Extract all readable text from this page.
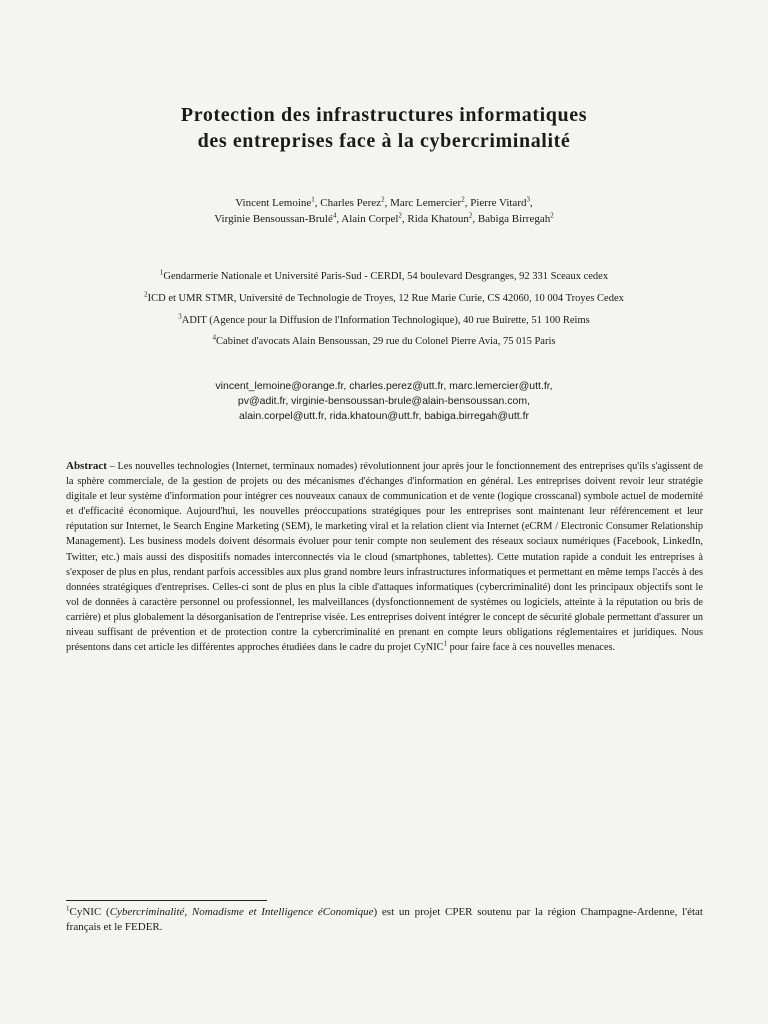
Protection des infrastructures informatiques
des entreprises face à la cybercriminalité
Vincent Lemoine$^1$, Charles Perez$^2$, Marc Lemercier$^2$, Pierre Vitard$^3$,
Virginie Bensoussan-Brulé$^4$, Alain Corpel$^2$, Rida Khatoun$^2$, Babiga Birregah$^2$
$^1$Gendarmerie Nationale et Université Paris-Sud - CERDI, 54 boulevard Desgranges, 92 331 Sceaux cedex
$^2$ICD et UMR STMR, Université de Technologie de Troyes, 12 Rue Marie Curie, CS 42060, 10 004 Troyes Cedex
$^3$ADIT (Agence pour la Diffusion de l'Information Technologique), 40 rue Buirette, 51 100 Reims
$^4$Cabinet d'avocats Alain Bensoussan, 29 rue du Colonel Pierre Avia, 75 015 Paris
vincent_lemoine@orange.fr, charles.perez@utt.fr, marc.lemercier@utt.fr,
pv@adit.fr, virginie-bensoussan-brule@alain-bensoussan.com,
alain.corpel@utt.fr, rida.khatoun@utt.fr, babiga.birregah@utt.fr
Abstract – Les nouvelles technologies (Internet, terminaux nomades) révolutionnent jour après jour le fonctionnement des entreprises qu'ils s'agissent de la sphère commerciale, de la gestion de projets ou des mécanismes d'échanges d'information en général. Les entreprises doivent revoir leur stratégie digitale et leur système d'information pour intégrer ces nouveaux canaux de communication et de vente (logique crosscanal) symbole actuel de modernité et d'efficacité économique. Aujourd'hui, les nouvelles préoccupations stratégiques pour les entreprises sont maintenant leur référencement et leur réputation sur Internet, le Search Engine Marketing (SEM), le marketing viral et la relation client via Internet (eCRM / Electronic Consumer Relationship Management). Les business models doivent désormais évoluer pour tenir compte non seulement des réseaux sociaux numériques (Facebook, LinkedIn, Twitter, etc.) mais aussi des dispositifs nomades interconnectés via le cloud (smartphones, tablettes). Cette mutation rapide a conduit les entreprises à s'exposer de plus en plus, rendant parfois accessibles aux plus grand nombre leurs infrastructures informatiques et permettant en même temps l'accès à des données stratégiques d'entreprises. Celles-ci sont de plus en plus la cible d'attaques informatiques (cybercriminalité) dont les principaux objectifs sont le vol de données à caractère personnel ou professionnel, les malveillances (dysfonctionnement de systèmes ou logiciels, atteinte à la réputation ou bris de carrière) et plus globalement la désorganisation de l'entreprise visée. Les entreprises doivent intégrer le concept de sécurité globale permettant d'assurer un niveau suffisant de prévention et de protection contre la cybercriminalité en prenant en compte leurs obligations réglementaires et juridiques. Nous présentons dans cet article les différentes approches étudiées dans le cadre du projet CyNIC$^1$ pour faire face à ces nouvelles menaces.
$^1$CyNIC (Cybercriminalité, Nomadisme et Intelligence éConomique) est un projet CPER soutenu par la région Champagne-Ardenne, l'état français et le FEDER.
